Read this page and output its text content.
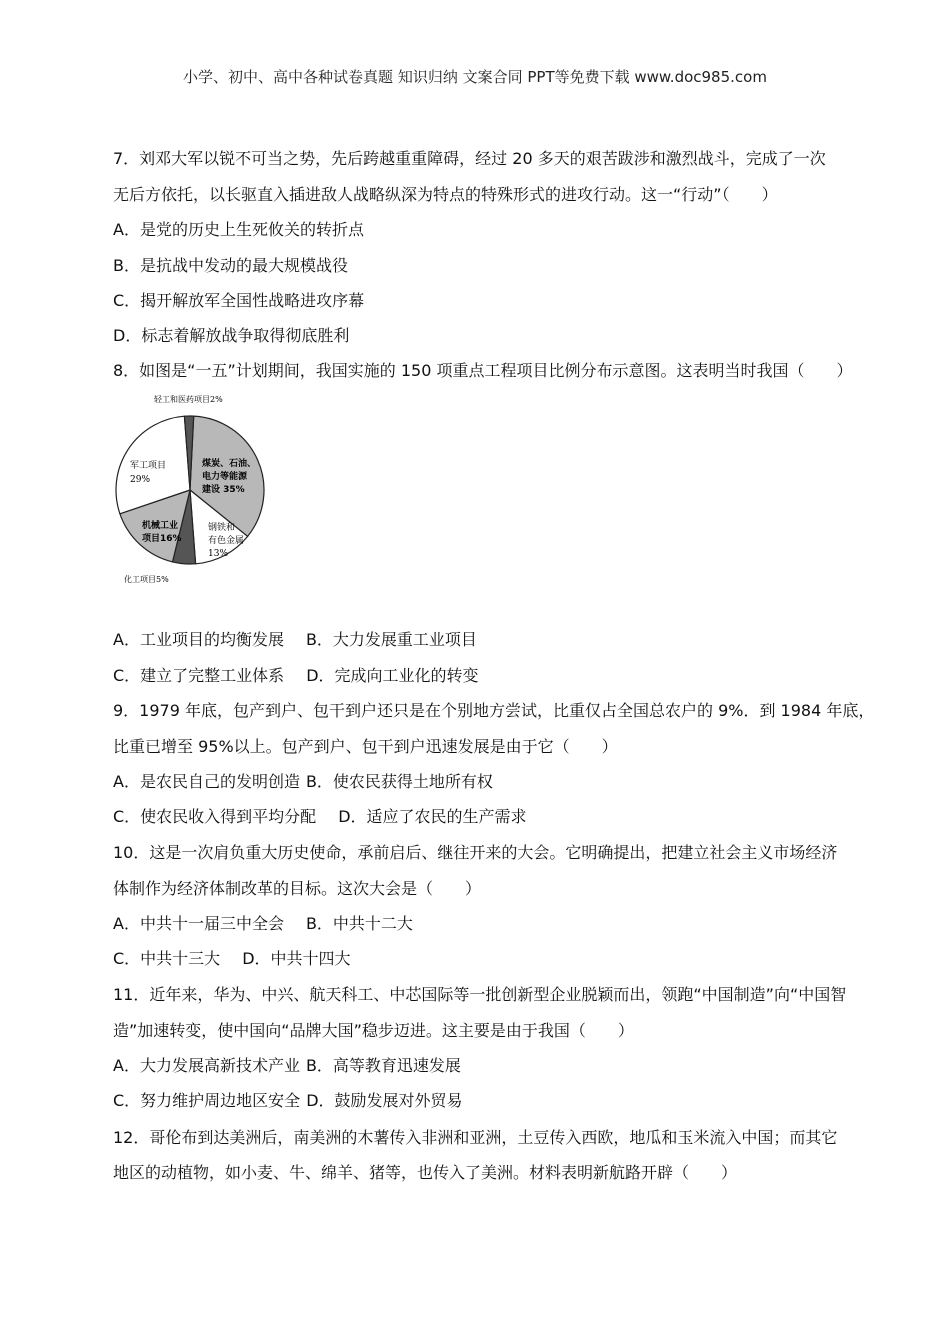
小学、初中、高中各种试卷真题 知识归纳 文案合同 PPT等免费下载 www.doc985.com
7．刘邓大军以锐不可当之势，先后跨越重重障碍，经过 20 多天的艰苦跋涉和激烈战斗，完成了一次
无后方依托，以长驱直入插进敌人战略纵深为特点的特殊形式的进攻行动。这一“行动”（　　）
A．是党的历史上生死攸关的转折点
B．是抗战中发动的最大规模战役
C．揭开解放军全国性战略进攻序幕
D．标志着解放战争取得彻底胜利
8．如图是“一五”计划期间，我国实施的 150 项重点工程项目比例分布示意图。这表明当时我国（　　）
轻工和医药项目2%
军工项目
29%
煤炭、石油、
电力等能源
建设 35%
钢铁和
有色金属
13%
机械工业
项目16%
化工项目5%
A．工业项目的均衡发展 B．大力发展重工业项目
C．建立了完整工业体系 D．完成向工业化的转变
9．1979 年底，包产到户、包干到户还只是在个别地方尝试，比重仅占全国总农户的 9%．到 1984 年底，
比重已增至 95%以上。包产到户、包干到户迅速发展是由于它（　　）
A．是农民自己的发明创造 B．使农民获得土地所有权
C．使农民收入得到平均分配 D．适应了农民的生产需求
10．这是一次肩负重大历史使命，承前启后、继往开来的大会。它明确提出，把建立社会主义市场经济
体制作为经济体制改革的目标。这次大会是（　　）
A．中共十一届三中全会 B．中共十二大
C．中共十三大 D．中共十四大
11．近年来，华为、中兴、航天科工、中芯国际等一批创新型企业脱颖而出，领跑“中国制造”向“中国智
造”加速转变，使中国向“品牌大国”稳步迈进。这主要是由于我国（　　）
A．大力发展高新技术产业 B．高等教育迅速发展
C．努力维护周边地区安全 D．鼓励发展对外贸易
12．哥伦布到达美洲后，南美洲的木薯传入非洲和亚洲，土豆传入西欧，地瓜和玉米流入中国；而其它
地区的动植物，如小麦、牛、绵羊、猪等，也传入了美洲。材料表明新航路开辟（　　）
